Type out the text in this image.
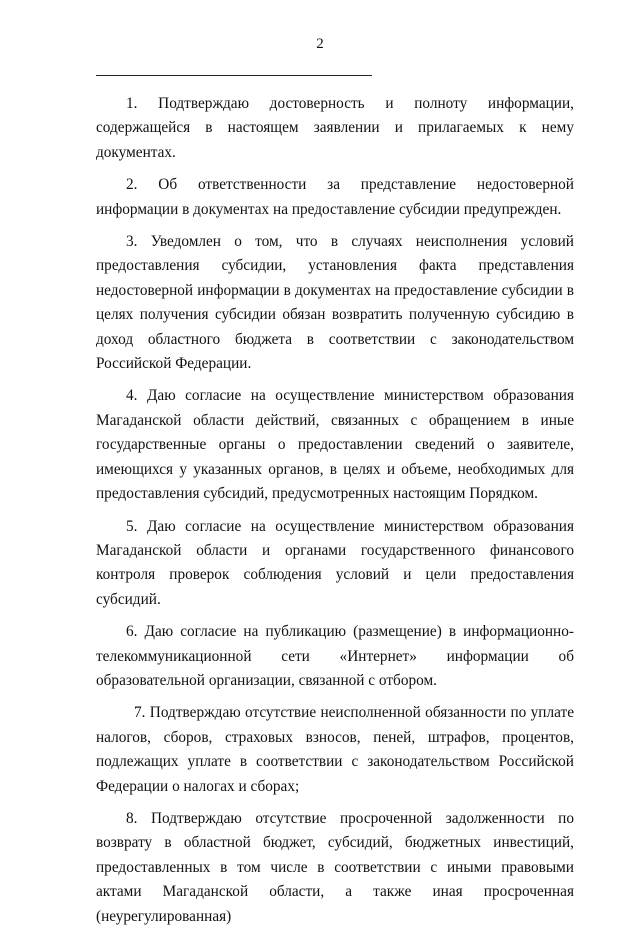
2

1. Подтверждаю достоверность и полноту информации, содержащейся в настоящем заявлении и прилагаемых к нему документах.

2. Об ответственности за представление недостоверной информации в документах на предоставление субсидии предупрежден.

3. Уведомлен о том, что в случаях неисполнения условий предоставления субсидии, установления факта представления недостоверной информации в документах на предоставление субсидии в целях получения субсидии обязан возвратить полученную субсидию в доход областного бюджета в соответствии с законодательством Российской Федерации.

4. Даю согласие на осуществление министерством образования Магаданской области действий, связанных с обращением в иные государственные органы о предоставлении сведений о заявителе, имеющихся у указанных органов, в целях и объеме, необходимых для предоставления субсидий, предусмотренных настоящим Порядком.

5. Даю согласие на осуществление министерством образования Магаданской области и органами государственного финансового контроля проверок соблюдения условий и цели предоставления субсидий.

6. Даю согласие на публикацию (размещение) в информационно-телекоммуникационной сети «Интернет» информации об образовательной организации, связанной с отбором.

7. Подтверждаю отсутствие неисполненной обязанности по уплате налогов, сборов, страховых взносов, пеней, штрафов, процентов, подлежащих уплате в соответствии с законодательством Российской Федерации о налогах и сборах;

8. Подтверждаю отсутствие просроченной задолженности по возврату в областной бюджет, субсидий, бюджетных инвестиций, предоставленных в том числе в соответствии с иными правовыми актами Магаданской области, а также иная просроченная (неурегулированная)
